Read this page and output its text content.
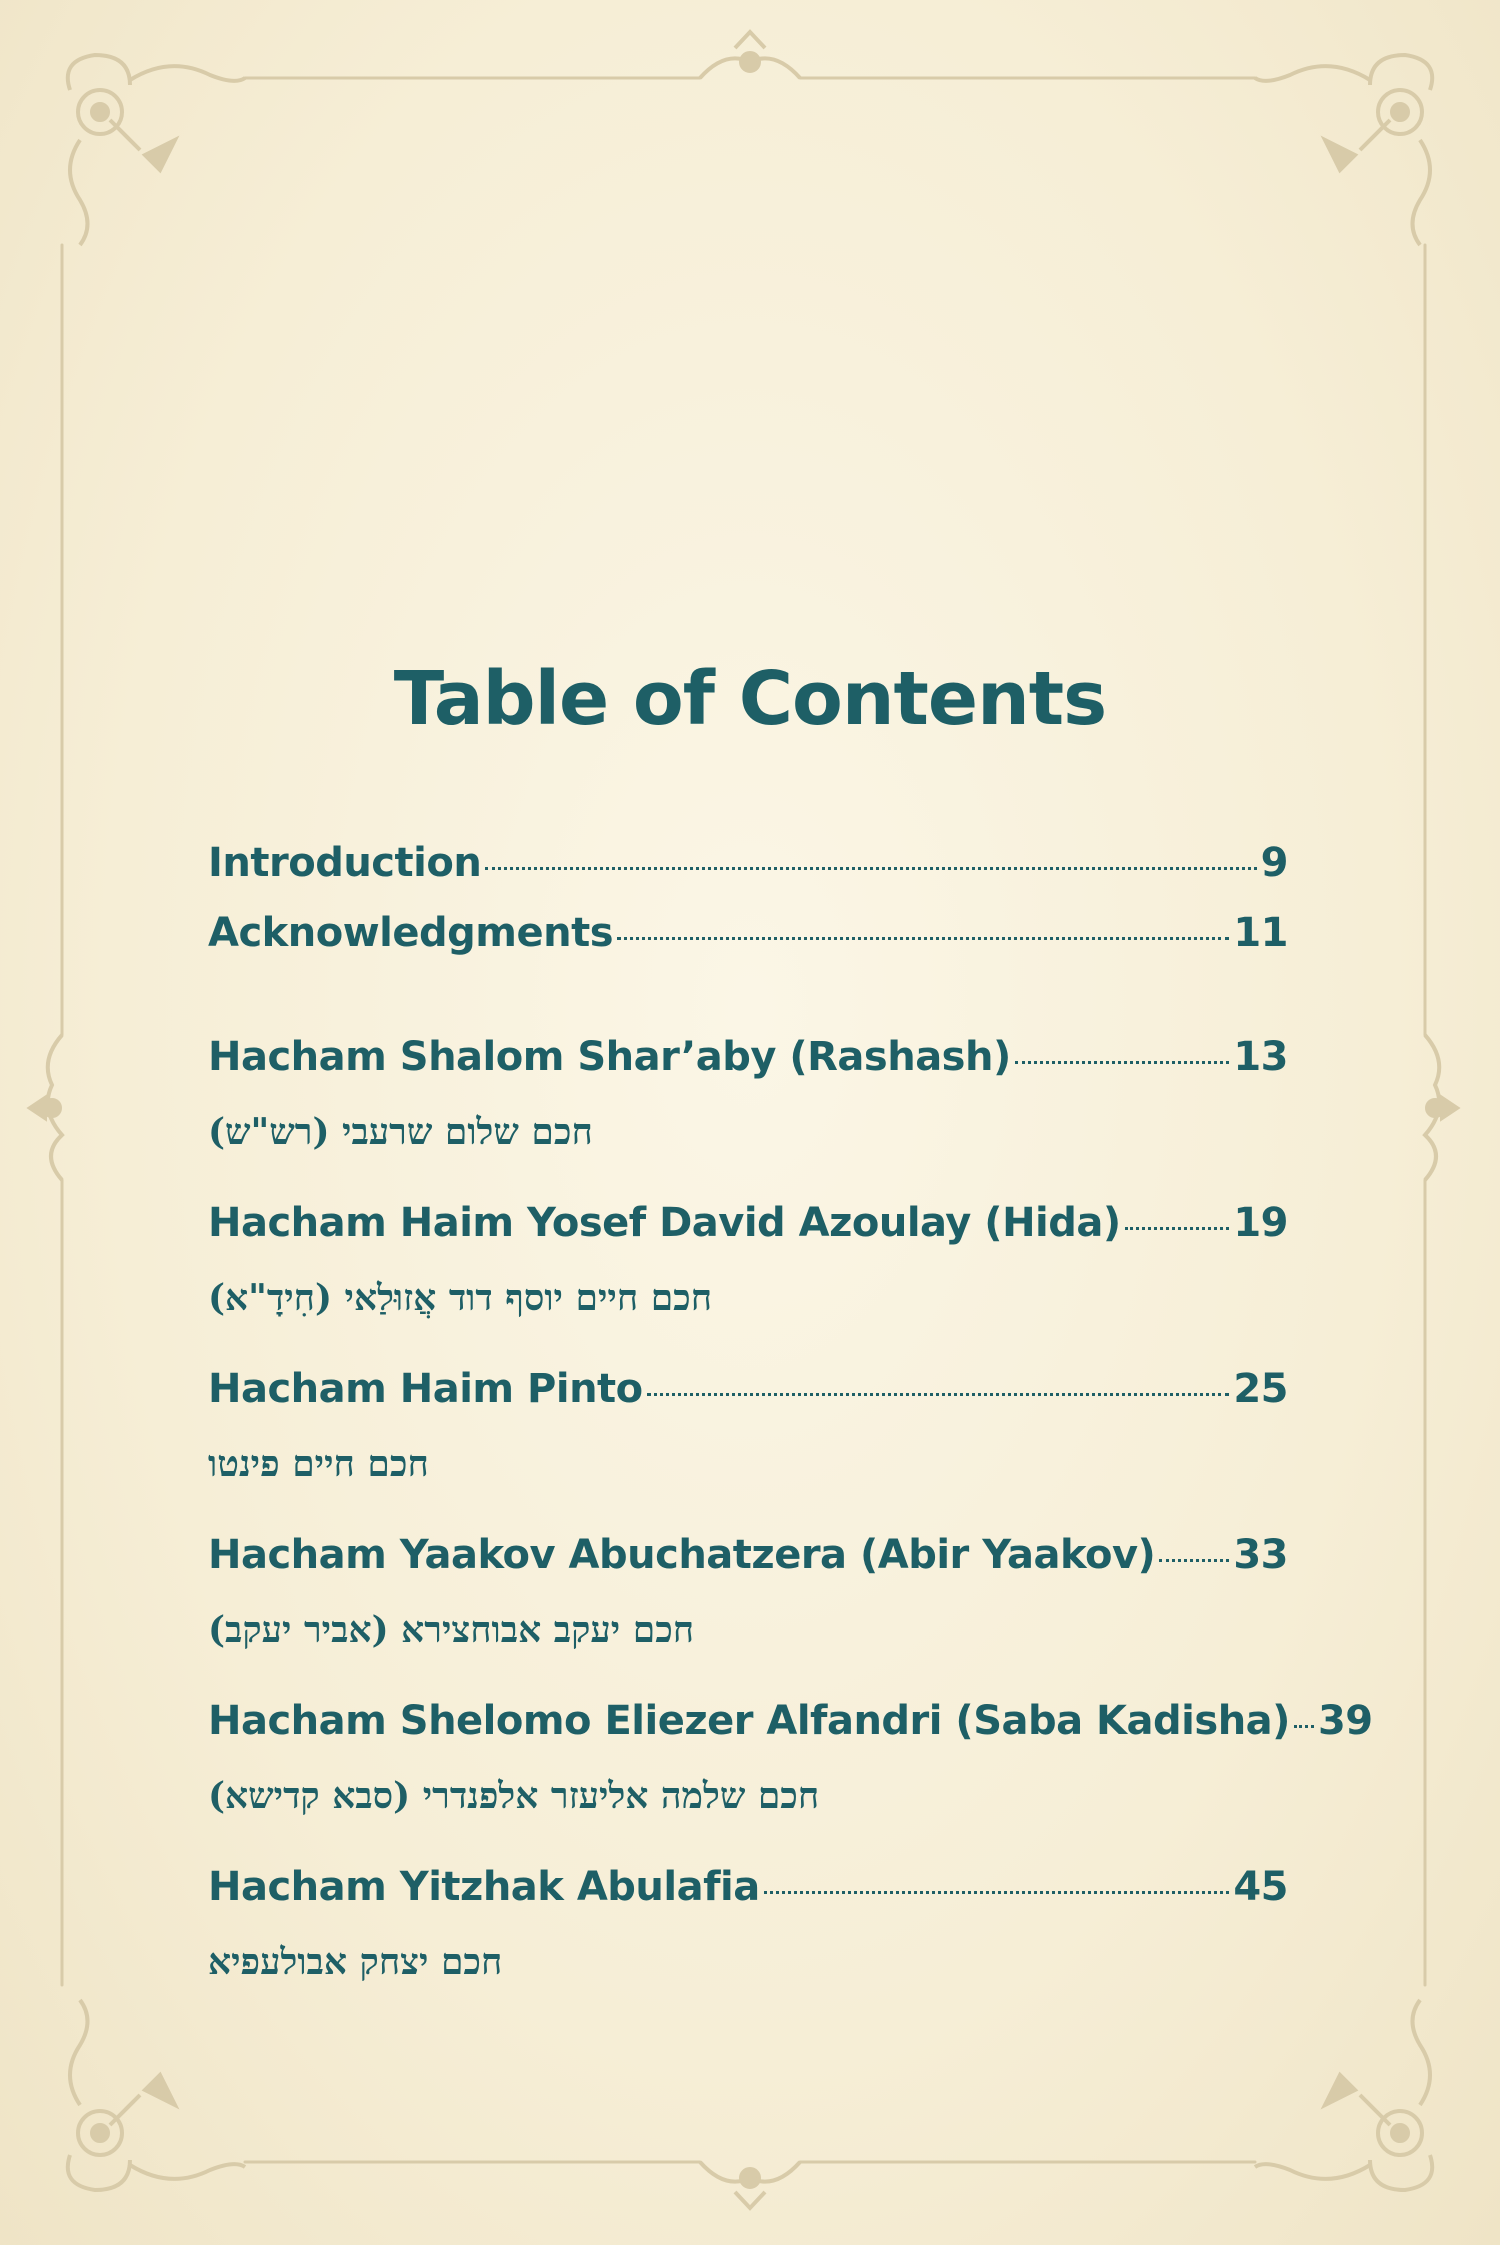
Table of Contents
Introduction	9
Acknowledgments	11
Hacham Shalom Shar’aby (Rashash)	13
חכם שלום שרעבי (רש"ש)
Hacham Haim Yosef David Azoulay (Hida)	19
חכם חיים יוסף דוד אֲזוּלַאי (חִידָ"א)
Hacham Haim Pinto	25
חכם חיים פינטו
Hacham Yaakov Abuchatzera (Abir Yaakov) 33
חכם יעקב אבוחצירא (אביר יעקב)
Hacham Shelomo Eliezer Alfandri (Saba Kadisha) 39
חכם שלמה אליעזר אלפנדרי (סבא קדישא)
Hacham Yitzhak Abulafia	45
חכם יצחק אבולעפיא
